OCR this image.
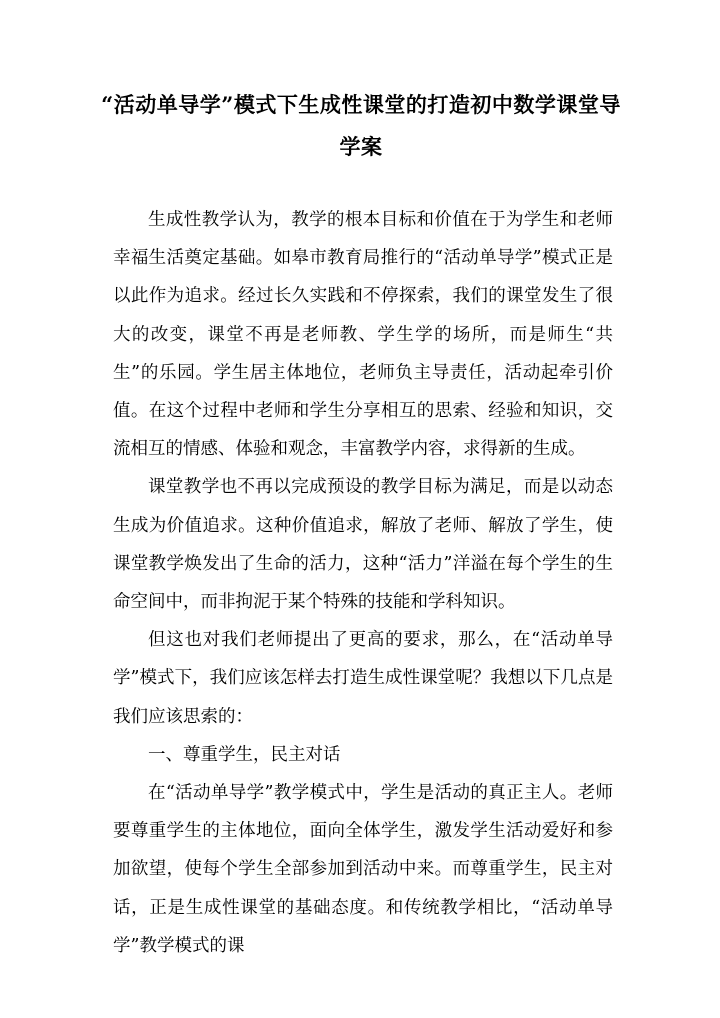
“活动单导学”模式下生成性课堂的打造初中数学课堂导学案

生成性教学认为，教学的根本目标和价值在于为学生和老师幸福生活奠定基础。如皋市教育局推行的“活动单导学”模式正是以此作为追求。经过长久实践和不停探索，我们的课堂发生了很大的改变，课堂不再是老师教、学生学的场所，而是师生“共生”的乐园。学生居主体地位，老师负主导责任，活动起牵引价值。在这个过程中老师和学生分享相互的思索、经验和知识，交流相互的情感、体验和观念，丰富教学内容，求得新的生成。

课堂教学也不再以完成预设的教学目标为满足，而是以动态生成为价值追求。这种价值追求，解放了老师、解放了学生，使课堂教学焕发出了生命的活力，这种“活力”洋溢在每个学生的生命空间中，而非拘泥于某个特殊的技能和学科知识。

但这也对我们老师提出了更高的要求，那么，在“活动单导学”模式下，我们应该怎样去打造生成性课堂呢？我想以下几点是我们应该思索的：

一、尊重学生，民主对话

在“活动单导学”教学模式中，学生是活动的真正主人。老师要尊重学生的主体地位，面向全体学生，激发学生活动爱好和参加欲望，使每个学生全部参加到活动中来。而尊重学生，民主对话，正是生成性课堂的基础态度。和传统教学相比，“活动单导学”教学模式的课
